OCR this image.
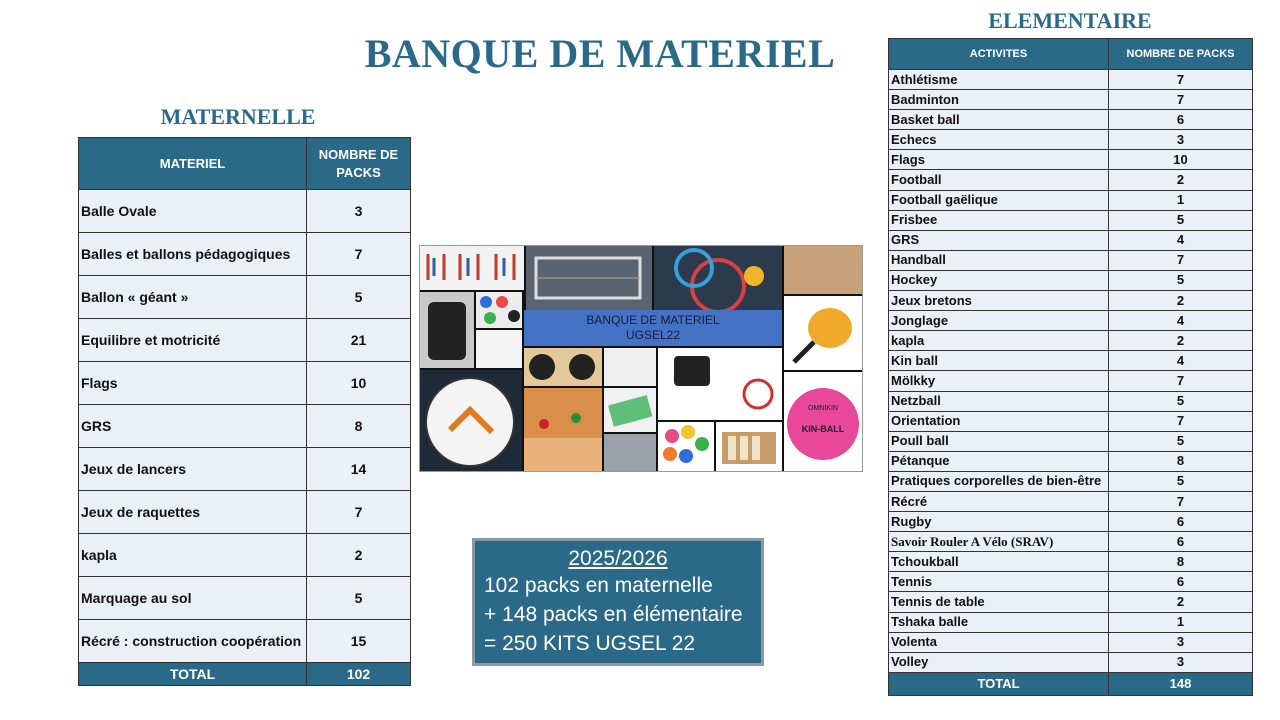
BANQUE DE MATERIEL
MATERNELLE
ELEMENTAIRE
MATERIEL	NOMBRE DE PACKS
Balle Ovale	3
Balles et ballons pédagogiques	7
Ballon « géant »	5
Equilibre et motricité	21
Flags	10
GRS	8
Jeux de lancers	14
Jeux de raquettes	7
kapla	2
Marquage au sol	5
Récré : construction coopération	15
TOTAL	102
ACTIVITES	NOMBRE DE PACKS
Athlétisme	7
Badminton	7
Basket ball	6
Echecs	3
Flags	10
Football	2
Football gaëlique	1
Frisbee	5
GRS	4
Handball	7
Hockey	5
Jeux bretons	2
Jonglage	4
kapla	2
Kin ball	4
Mölkky	7
Netzball	5
Orientation	7
Poull ball	5
Pétanque	8
Pratiques corporelles de bien-être	5
Récré	7
Rugby	6
Savoir Rouler A Vélo (SRAV)	6
Tchoukball	8
Tennis	6
Tennis de table	2
Tshaka balle	1
Volenta	3
Volley	3
TOTAL	148
BANQUE DE MATERIEL
UGSEL22
OMNIKIN
KIN-BALL
2025/2026
102 packs en maternelle
+ 148 packs en élémentaire
= 250 KITS UGSEL 22
